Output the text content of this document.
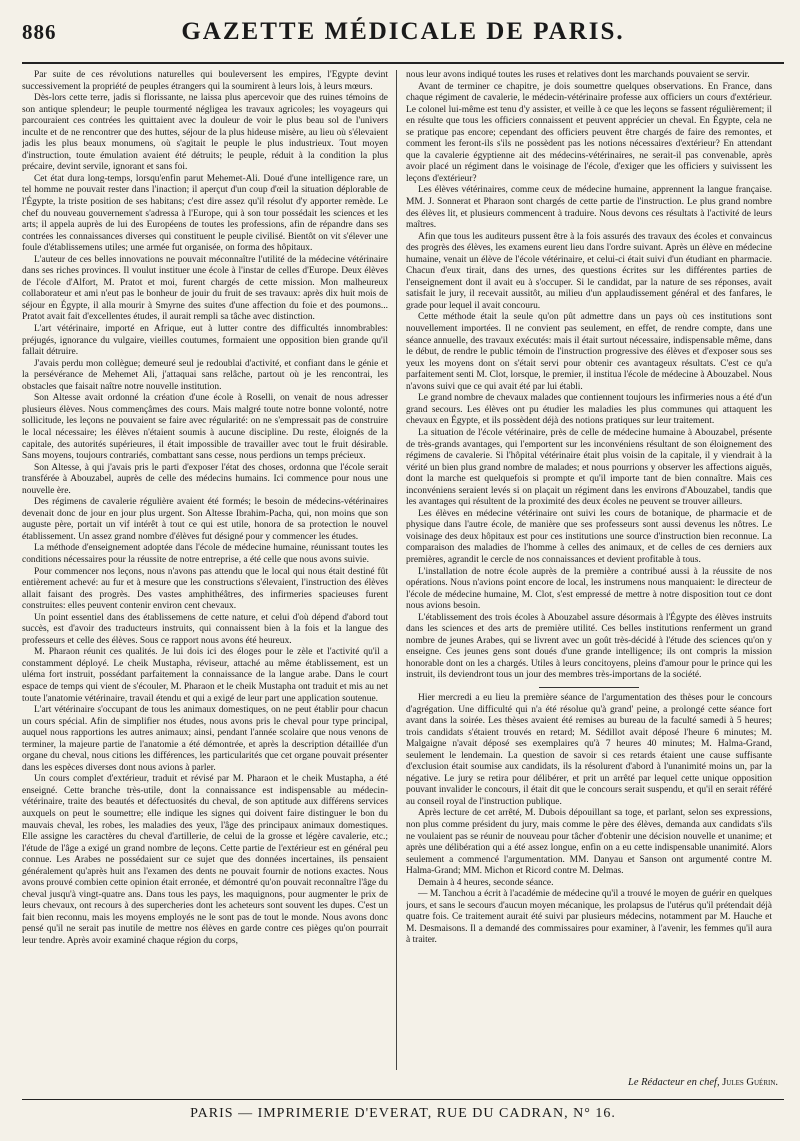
886	GAZETTE MÉDICALE DE PARIS.

Par suite de ces révolutions naturelles qui bouleversent les empires, l'Égypte devint successivement la propriété de peuples étrangers qui la soumirent à leurs lois, à leurs mœurs.

Dès-lors cette terre, jadis si florissante, ne laissa plus apercevoir que des ruines témoins de son antique splendeur; le peuple tourmenté négligea les travaux agricoles; les voyageurs qui parcouraient ces contrées les quittaient avec la douleur de voir le plus beau sol de l'univers inculte et de ne rencontrer que des huttes, séjour de la plus hideuse misère, au lieu où s'élevaient jadis les plus beaux monumens, où s'agitait le peuple le plus industrieux. Tout moyen d'instruction, toute émulation avaient été détruits; le peuple, réduit à la condition la plus précaire, devint servile, ignorant et sans foi.

Cet état dura long-temps, lorsqu'enfin parut Mehemet-Ali. Doué d'une intelligence rare, un tel homme ne pouvait rester dans l'inaction; il aperçut d'un coup d'œil la situation déplorable de l'Égypte, la triste position de ses habitans; c'est dire assez qu'il résolut d'y apporter remède. Le chef du nouveau gouvernement s'adressa à l'Europe, qui à son tour possédait les sciences et les arts; il appela auprès de lui des Européens de toutes les professions, afin de répandre dans ses contrées les connaissances diverses qui constituent le peuple civilisé. Bientôt on vit s'élever une foule d'établissemens utiles; une armée fut organisée, on forma des hôpitaux.

L'auteur de ces belles innovations ne pouvait méconnaître l'utilité de la médecine vétérinaire dans ses riches provinces. Il voulut instituer une école à l'instar de celles d'Europe. Deux élèves de l'école d'Alfort, M. Pratot et moi, furent chargés de cette mission. Mon malheureux collaborateur et ami n'eut pas le bonheur de jouir du fruit de ses travaux: après dix huit mois de séjour en Égypte, il alla mourir à Smyrne des suites d'une affection du foie et des poumons... Pratot avait fait d'excellentes études, il aurait rempli sa tâche avec distinction.

L'art vétérinaire, importé en Afrique, eut à lutter contre des difficultés innombrables: préjugés, ignorance du vulgaire, vieilles coutumes, formaient une opposition bien grande qu'il fallait détruire.

J'avais perdu mon collègue; demeuré seul je redoublai d'activité, et confiant dans le génie et la persévérance de Mehemet Ali, j'attaquai sans relâche, partout où je les rencontrai, les obstacles que faisait naître notre nouvelle institution.

Son Altesse avait ordonné la création d'une école à Roselli, on venait de nous adresser plusieurs élèves. Nous commençâmes des cours. Mais malgré toute notre bonne volonté, notre sollicitude, les leçons ne pouvaient se faire avec régularité: on ne s'empressait pas de construire le local nécessaire; les élèves n'étaient soumis à aucune discipline. Du reste, éloignés de la capitale, des autorités supérieures, il était impossible de travailler avec tout le fruit désirable. Sans moyens, toujours contrariés, combattant sans cesse, nous perdions un temps précieux.

Son Altesse, à qui j'avais pris le parti d'exposer l'état des choses, ordonna que l'école serait transférée à Abouzabel, auprès de celle des médecins humains. Ici commence pour nous une nouvelle ère.

Des régimens de cavalerie régulière avaient été formés; le besoin de médecins-vétérinaires devenait donc de jour en jour plus urgent. Son Altesse Ibrahim-Pacha, qui, non moins que son auguste père, portait un vif intérêt à tout ce qui est utile, honora de sa protection le nouvel établissement. Un assez grand nombre d'élèves fut désigné pour y commencer les études.

La méthode d'enseignement adoptée dans l'école de médecine humaine, réunissant toutes les conditions nécessaires pour la réussite de notre entreprise, a été celle que nous avons suivie.

Pour commencer nos leçons, nous n'avons pas attendu que le local qui nous était destiné fût entièrement achevé: au fur et à mesure que les constructions s'élevaient, l'instruction des élèves allait faisant des progrès. Des vastes amphithéâtres, des infirmeries spacieuses furent construites: elles peuvent contenir environ cent chevaux.

Un point essentiel dans des établissemens de cette nature, et celui d'où dépend d'abord tout succès, est d'avoir des traducteurs instruits, qui connaissent bien à la fois et la langue des professeurs et celle des élèves. Sous ce rapport nous avons été heureux.

M. Pharaon réunit ces qualités. Je lui dois ici des éloges pour le zèle et l'activité qu'il a constamment déployé. Le cheik Mustapha, réviseur, attaché au même établissement, est un uléma fort instruit, possédant parfaitement la connaissance de la langue arabe. Dans le court espace de temps qui vient de s'écouler, M. Pharaon et le cheik Mustapha ont traduit et mis au net toute l'anatomie vétérinaire, travail étendu et qui a exigé de leur part une application soutenue.

L'art vétérinaire s'occupant de tous les animaux domestiques, on ne peut établir pour chacun un cours spécial. Afin de simplifier nos études, nous avons pris le cheval pour type principal, auquel nous rapportions les autres animaux; ainsi, pendant l'année scolaire que nous venons de terminer, la majeure partie de l'anatomie a été démontrée, et après la description détaillée d'un organe du cheval, nous citions les différences, les particularités que cet organe pouvait présenter dans les espèces diverses dont nous avions à parler.

Un cours complet d'extérieur, traduit et révisé par M. Pharaon et le cheik Mustapha, a été enseigné. Cette branche très-utile, dont la connaissance est indispensable au médecin-vétérinaire, traite des beautés et défectuosités du cheval, de son aptitude aux différens services auxquels on peut le soumettre; elle indique les signes qui doivent faire distinguer le bon du mauvais cheval, les robes, les maladies des yeux, l'âge des principaux animaux domestiques. Elle assigne les caractères du cheval d'artillerie, de celui de la grosse et légère cavalerie, etc.; l'étude de l'âge a exigé un grand nombre de leçons. Cette partie de l'extérieur est en général peu connue. Les Arabes ne possédaient sur ce sujet que des données incertaines, ils pensaient généralement qu'après huit ans l'examen des dents ne pouvait fournir de notions exactes. Nous avons prouvé combien cette opinion était erronée, et démontré qu'on pouvait reconnaître l'âge du cheval jusqu'à vingt-quatre ans. Dans tous les pays, les maquignons, pour augmenter le prix de leurs chevaux, ont recours à des supercheries dont les acheteurs sont souvent les dupes. C'est un fait bien reconnu, mais les moyens employés ne le sont pas de tout le monde. Nous avons donc pensé qu'il ne serait pas inutile de mettre nos élèves en garde contre ces pièges qu'on pourrait leur tendre. Après avoir examiné chaque région du corps,

nous leur avons indiqué toutes les ruses et relatives dont les marchands pouvaient se servir.

Avant de terminer ce chapitre, je dois soumettre quelques observations. En France, dans chaque régiment de cavalerie, le médecin-vétérinaire professe aux officiers un cours d'extérieur. Le colonel lui-même est tenu d'y assister, et veille à ce que les leçons se fassent régulièrement; il en résulte que tous les officiers connaissent et peuvent apprécier un cheval. En Égypte, cela ne se pratique pas encore; cependant des officiers peuvent être chargés de faire des remontes, et comment les feront-ils s'ils ne possèdent pas les notions nécessaires d'extérieur? En attendant que la cavalerie égyptienne ait des médecins-vétérinaires, ne serait-il pas convenable, après avoir placé un régiment dans le voisinage de l'école, d'exiger que les officiers y suivissent les leçons d'extérieur?

Les élèves vétérinaires, comme ceux de médecine humaine, apprennent la langue française. MM. J. Sonnerat et Pharaon sont chargés de cette partie de l'instruction. Le plus grand nombre des élèves lit, et plusieurs commencent à traduire. Nous devons ces résultats à l'activité de leurs maîtres.

Afin que tous les auditeurs pussent être à la fois assurés des travaux des écoles et convaincus des progrès des élèves, les examens eurent lieu dans l'ordre suivant. Après un élève en médecine humaine, venait un élève de l'école vétérinaire, et celui-ci était suivi d'un étudiant en pharmacie. Chacun d'eux tirait, dans des urnes, des questions écrites sur les différentes parties de l'enseignement dont il avait eu à s'occuper. Si le candidat, par la nature de ses réponses, avait satisfait le jury, il recevait aussitôt, au milieu d'un applaudissement général et des fanfares, le grade pour lequel il avait concouru.

Cette méthode était la seule qu'on pût admettre dans un pays où ces institutions sont nouvellement importées. Il ne convient pas seulement, en effet, de rendre compte, dans une séance annuelle, des travaux exécutés: mais il était surtout nécessaire, indispensable même, dans le début, de rendre le public témoin de l'instruction progressive des élèves et d'exposer sous ses yeux les moyens dont on s'était servi pour obtenir ces avantageux résultats. C'est ce qu'a parfaitement senti M. Clot, lorsque, le premier, il institua l'école de médecine à Abouzabel. Nous n'avons suivi que ce qui avait été par lui établi.

Le grand nombre de chevaux malades que contiennent toujours les infirmeries nous a été d'un grand secours. Les élèves ont pu étudier les maladies les plus communes qui attaquent les chevaux en Égypte, et ils possèdent déjà des notions pratiques sur leur traitement.

La situation de l'école vétérinaire, près de celle de médecine humaine à Abouzabel, présente de très-grands avantages, qui l'emportent sur les inconvéniens résultant de son éloignement des régimens de cavalerie. Si l'hôpital vétérinaire était plus voisin de la capitale, il y viendrait à la vérité un bien plus grand nombre de malades; et nous pourrions y observer les affections aiguës, dont la marche est quelquefois si prompte et qu'il importe tant de bien connaître. Mais ces inconvéniens seraient levés si on plaçait un régiment dans les environs d'Abouzabel, tandis que les avantages qui résultent de la proximité des deux écoles ne peuvent se trouver ailleurs.

Les élèves en médecine vétérinaire ont suivi les cours de botanique, de pharmacie et de physique dans l'autre école, de manière que ses professeurs sont aussi devenus les nôtres. Le voisinage des deux hôpitaux est pour ces institutions une source d'instruction bien reconnue. La comparaison des maladies de l'homme à celles des animaux, et de celles de ces derniers aux premières, agrandit le cercle de nos connaissances et devient profitable à tous.

L'installation de notre école auprès de la première a contribué aussi à la réussite de nos opérations. Nous n'avions point encore de local, les instrumens nous manquaient: le directeur de l'école de médecine humaine, M. Clot, s'est empressé de mettre à notre disposition tout ce dont nous avions besoin.

L'établissement des trois écoles à Abouzabel assure désormais à l'Égypte des élèves instruits dans les sciences et des arts de première utilité. Ces belles institutions renferment un grand nombre de jeunes Arabes, qui se livrent avec un goût très-décidé à l'étude des sciences qu'on y enseigne. Ces jeunes gens sont doués d'une grande intelligence; ils ont compris la mission honorable dont on les a chargés. Utiles à leurs concitoyens, pleins d'amour pour le prince qui les instruit, ils deviendront tous un jour des membres très-importans de la société.

Hier mercredi a eu lieu la première séance de l'argumentation des thèses pour le concours d'agrégation. Une difficulté qui n'a été résolue qu'à grand' peine, a prolongé cette séance fort avant dans la soirée. Les thèses avaient été remises au bureau de la faculté samedi à 5 heures; trois candidats s'étaient trouvés en retard; M. Sédillot avait déposé l'heure 6 minutes; M. Malgaigne n'avait déposé ses exemplaires qu'à 7 heures 40 minutes; M. Halma-Grand, seulement le lendemain. La question de savoir si ces retards étaient une cause suffisante d'exclusion était soumise aux candidats, ils la résolurent d'abord à l'unanimité moins un, par la négative. Le jury se retira pour délibérer, et prit un arrêté par lequel cette unique opposition pouvant invalider le concours, il était dit que le concours serait suspendu, et qu'il en serait référé au conseil royal de l'instruction publique.

Après lecture de cet arrêté, M. Dubois dépouillant sa toge, et parlant, selon ses expressions, non plus comme président du jury, mais comme le père des élèves, demanda aux candidats s'ils ne voulaient pas se réunir de nouveau pour tâcher d'obtenir une décision nouvelle et unanime; et après une délibération qui a été assez longue, enfin on a eu cette indispensable unanimité. Alors seulement a commencé l'argumentation. MM. Danyau et Sanson ont argumenté contre M. Halma-Grand; MM. Michon et Ricord contre M. Delmas.

Demain à 4 heures, seconde séance.

— M. Tanchou a écrit à l'académie de médecine qu'il a trouvé le moyen de guérir en quelques jours, et sans le secours d'aucun moyen mécanique, les prolapsus de l'utérus qu'il prétendait déjà quatre fois. Ce traitement aurait été suivi par plusieurs médecins, notamment par M. Hauche et M. Desmaisons. Il a demandé des commissaires pour examiner, à l'avenir, les femmes qu'il aura à traiter.

Le Rédacteur en chef, Jules Guérin.
PARIS — IMPRIMERIE D'EVERAT, RUE DU CADRAN, N° 16.
